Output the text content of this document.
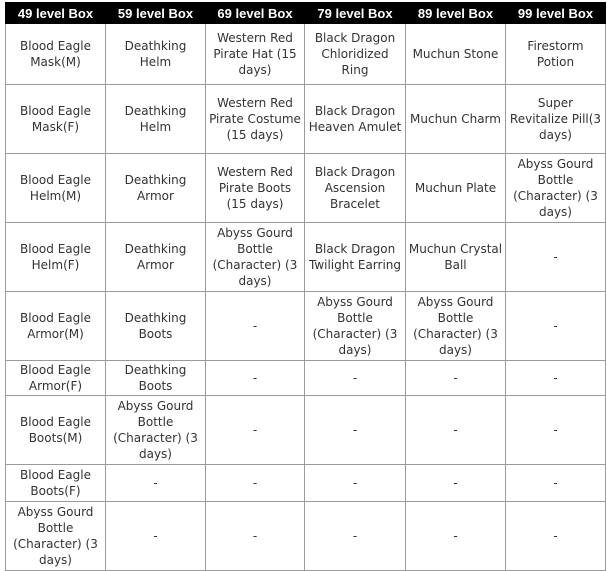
49 level Box	59 level Box	69 level Box	79 level Box	89 level Box	99 level Box
Blood Eagle Mask(M)	Deathking Helm	Western Red Pirate Hat (15 days)	Black Dragon Chloridized Ring	Muchun Stone	Firestorm Potion
Blood Eagle Mask(F)	Deathking Helm	Western Red Pirate Costume (15 days)	Black Dragon Heaven Amulet	Muchun Charm	Super Revitalize Pill(3 days)
Blood Eagle Helm(M)	Deathking Armor	Western Red Pirate Boots (15 days)	Black Dragon Ascension Bracelet	Muchun Plate	Abyss Gourd Bottle (Character) (3 days)
Blood Eagle Helm(F)	Deathking Armor	Abyss Gourd Bottle (Character) (3 days)	Black Dragon Twilight Earring	Muchun Crystal Ball	-
Blood Eagle Armor(M)	Deathking Boots	-	Abyss Gourd Bottle (Character) (3 days)	Abyss Gourd Bottle (Character) (3 days)	-
Blood Eagle Armor(F)	Deathking Boots	-	-	-	-
Blood Eagle Boots(M)	Abyss Gourd Bottle (Character) (3 days)	-	-	-	-
Blood Eagle Boots(F)	-	-	-	-	-
Abyss Gourd Bottle (Character) (3 days)	-	-	-	-	-
